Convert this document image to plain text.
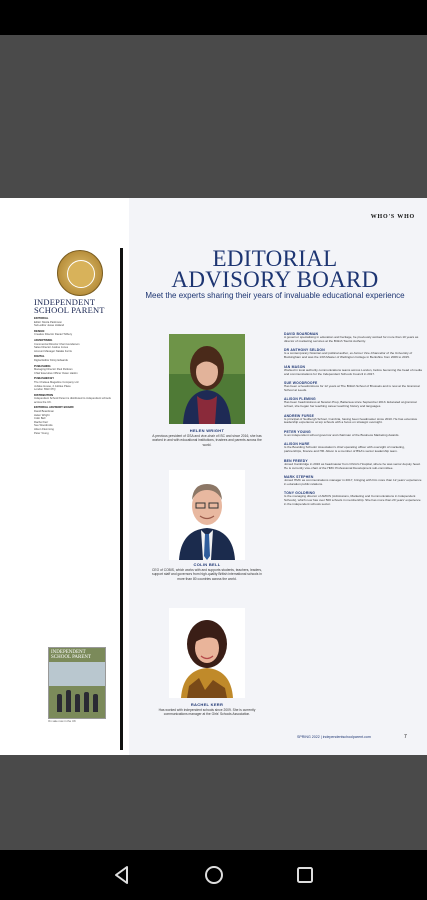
INDEPENDENT
SCHOOL PARENT
EDITORIAL
Editor Nicola Parkinson
Sub-editor Jesse Holland
DESIGN
Creative Director Daniel Tidbury
ADVERTISING
Commercial Director Cheri Henderson
Sales Director Justine Jones
Account Manager Natalie Ferris
DIGITAL
Digital Editor Kirsty Edwards
PUBLISHING
Managing Director Paul Pettican
Chief Executive Officer Owen Harkin
PUBLISHED BY
The Chelsea Magazine Company Ltd
Jubilee House, 2 Jubilee Place
London SW3 3TQ
DISTRIBUTION
Independent School Parent is distributed to independent schools across the UK.
EDITORIAL ADVISORY BOARD
David Boardman
Helen Wright
Colin Bell
Rachel Kerr
Sue Woodroofe
Alison Flemming
Peter Young
INDEPENDENT
SCHOOL PARENT
On sale now in the UK
WHO'S WHO
EDITORIAL
ADVISORY BOARD
Meet the experts sharing their years of invaluable educational experience
HELEN WRIGHT
A previous president of GSA and vice-chair of ISC and since 2016, she has worked in and with educational institutions, trustees and parents across the world.
COLIN BELL
CEO of COBIS, which works with and supports students, teachers, leaders, support staff and governors from high-quality British international schools in more than 80 countries across the world.
RACHEL KERR
Has worked with independent schools since 2009. She is currently communications manager at the Girls' Schools Association.
DAVID BOARDMAN
A governor specialising in education and heritage, he previously worked for more than 10 years as director of marketing services at the British Tourist Authority.
DR ANTHONY SELDON
Is a contemporary historian and political author, ex-former Vice-Chancellor of the University of Buckingham and was the 13th Master of Wellington College in Berkshire from 2006 to 2015.
IAN MASON
Worked in local authority communications teams across London, before becoming the head of media and communications for the Independent Schools Council in 2017.
SUE WOODROOFE
Has been a headmistress for 12 years at The British School of Brussels and is now at the Grammar School at Leeds.
ALISON FLEMING
Has been headmistress at Newton Prep, Battersea since September 2013. Educated at grammar school, she began her teaching career teaching history and languages.
ANDREW FURSE
Is principal of Sedbergh School, Cumbria, having been headmaster since 2010. He has extensive leadership experience at top schools with a focus on strategic oversight.
PETER YOUNG
Is an independent school governor and chairman of the Business Marketing Awards.
ALISON HARE
Is the Boarding Schools' Association's chief operating officer with oversight of marketing, partnerships, finance and HR. Alison is a member of BSA's senior leadership team.
BEN FREEDY
Joined Cambridge in 2016 as headmaster from Christ's Hospital, where he was senior deputy head. He is currently vice-chair of the HMC Professional Development sub-committee.
MARK STEPHEN
Joined HMC as communications manager in 2017, bringing with him more than 12 years' experience in education public relations.
TONY GOLDRING
Is the managing director of AMCIS (Admissions, Marketing and Communications in Independent Schools), which now has over 500 schools in membership. She has more than 20 years' experience in the independent schools sector.
SPRING 2022 | independentschoolparent.com	7
